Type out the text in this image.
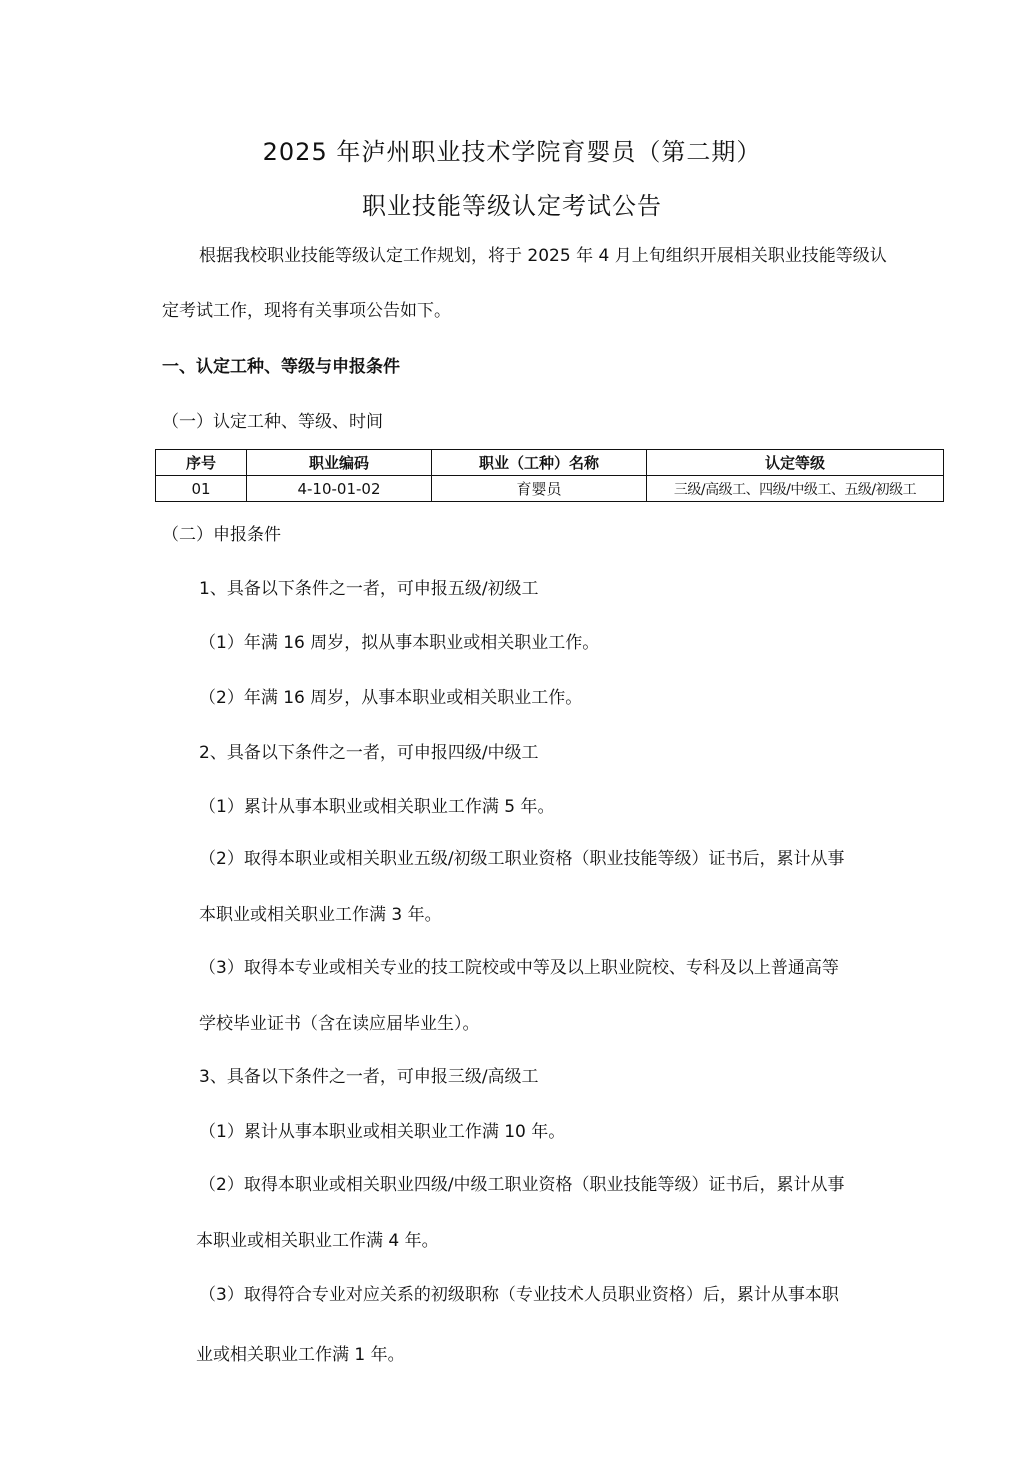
2025 年泸州职业技术学院育婴员（第二期）
职业技能等级认定考试公告
根据我校职业技能等级认定工作规划，将于 2025 年 4 月上旬组织开展相关职业技能等级认
定考试工作，现将有关事项公告如下。
一、认定工种、等级与申报条件
（一）认定工种、等级、时间
序号	职业编码	职业（工种）名称	认定等级
01	4-10-01-02	育婴员	三级/高级工、四级/中级工、五级/初级工
（二）申报条件
1、具备以下条件之一者，可申报五级/初级工
（1）年满 16 周岁，拟从事本职业或相关职业工作。
（2）年满 16 周岁，从事本职业或相关职业工作。
2、具备以下条件之一者，可申报四级/中级工
（1）累计从事本职业或相关职业工作满 5 年。
（2）取得本职业或相关职业五级/初级工职业资格（职业技能等级）证书后，累计从事
本职业或相关职业工作满 3 年。
（3）取得本专业或相关专业的技工院校或中等及以上职业院校、专科及以上普通高等
学校毕业证书（含在读应届毕业生）。
3、具备以下条件之一者，可申报三级/高级工
（1）累计从事本职业或相关职业工作满 10 年。
（2）取得本职业或相关职业四级/中级工职业资格（职业技能等级）证书后，累计从事
本职业或相关职业工作满 4 年。
（3）取得符合专业对应关系的初级职称（专业技术人员职业资格）后，累计从事本职
业或相关职业工作满 1 年。
